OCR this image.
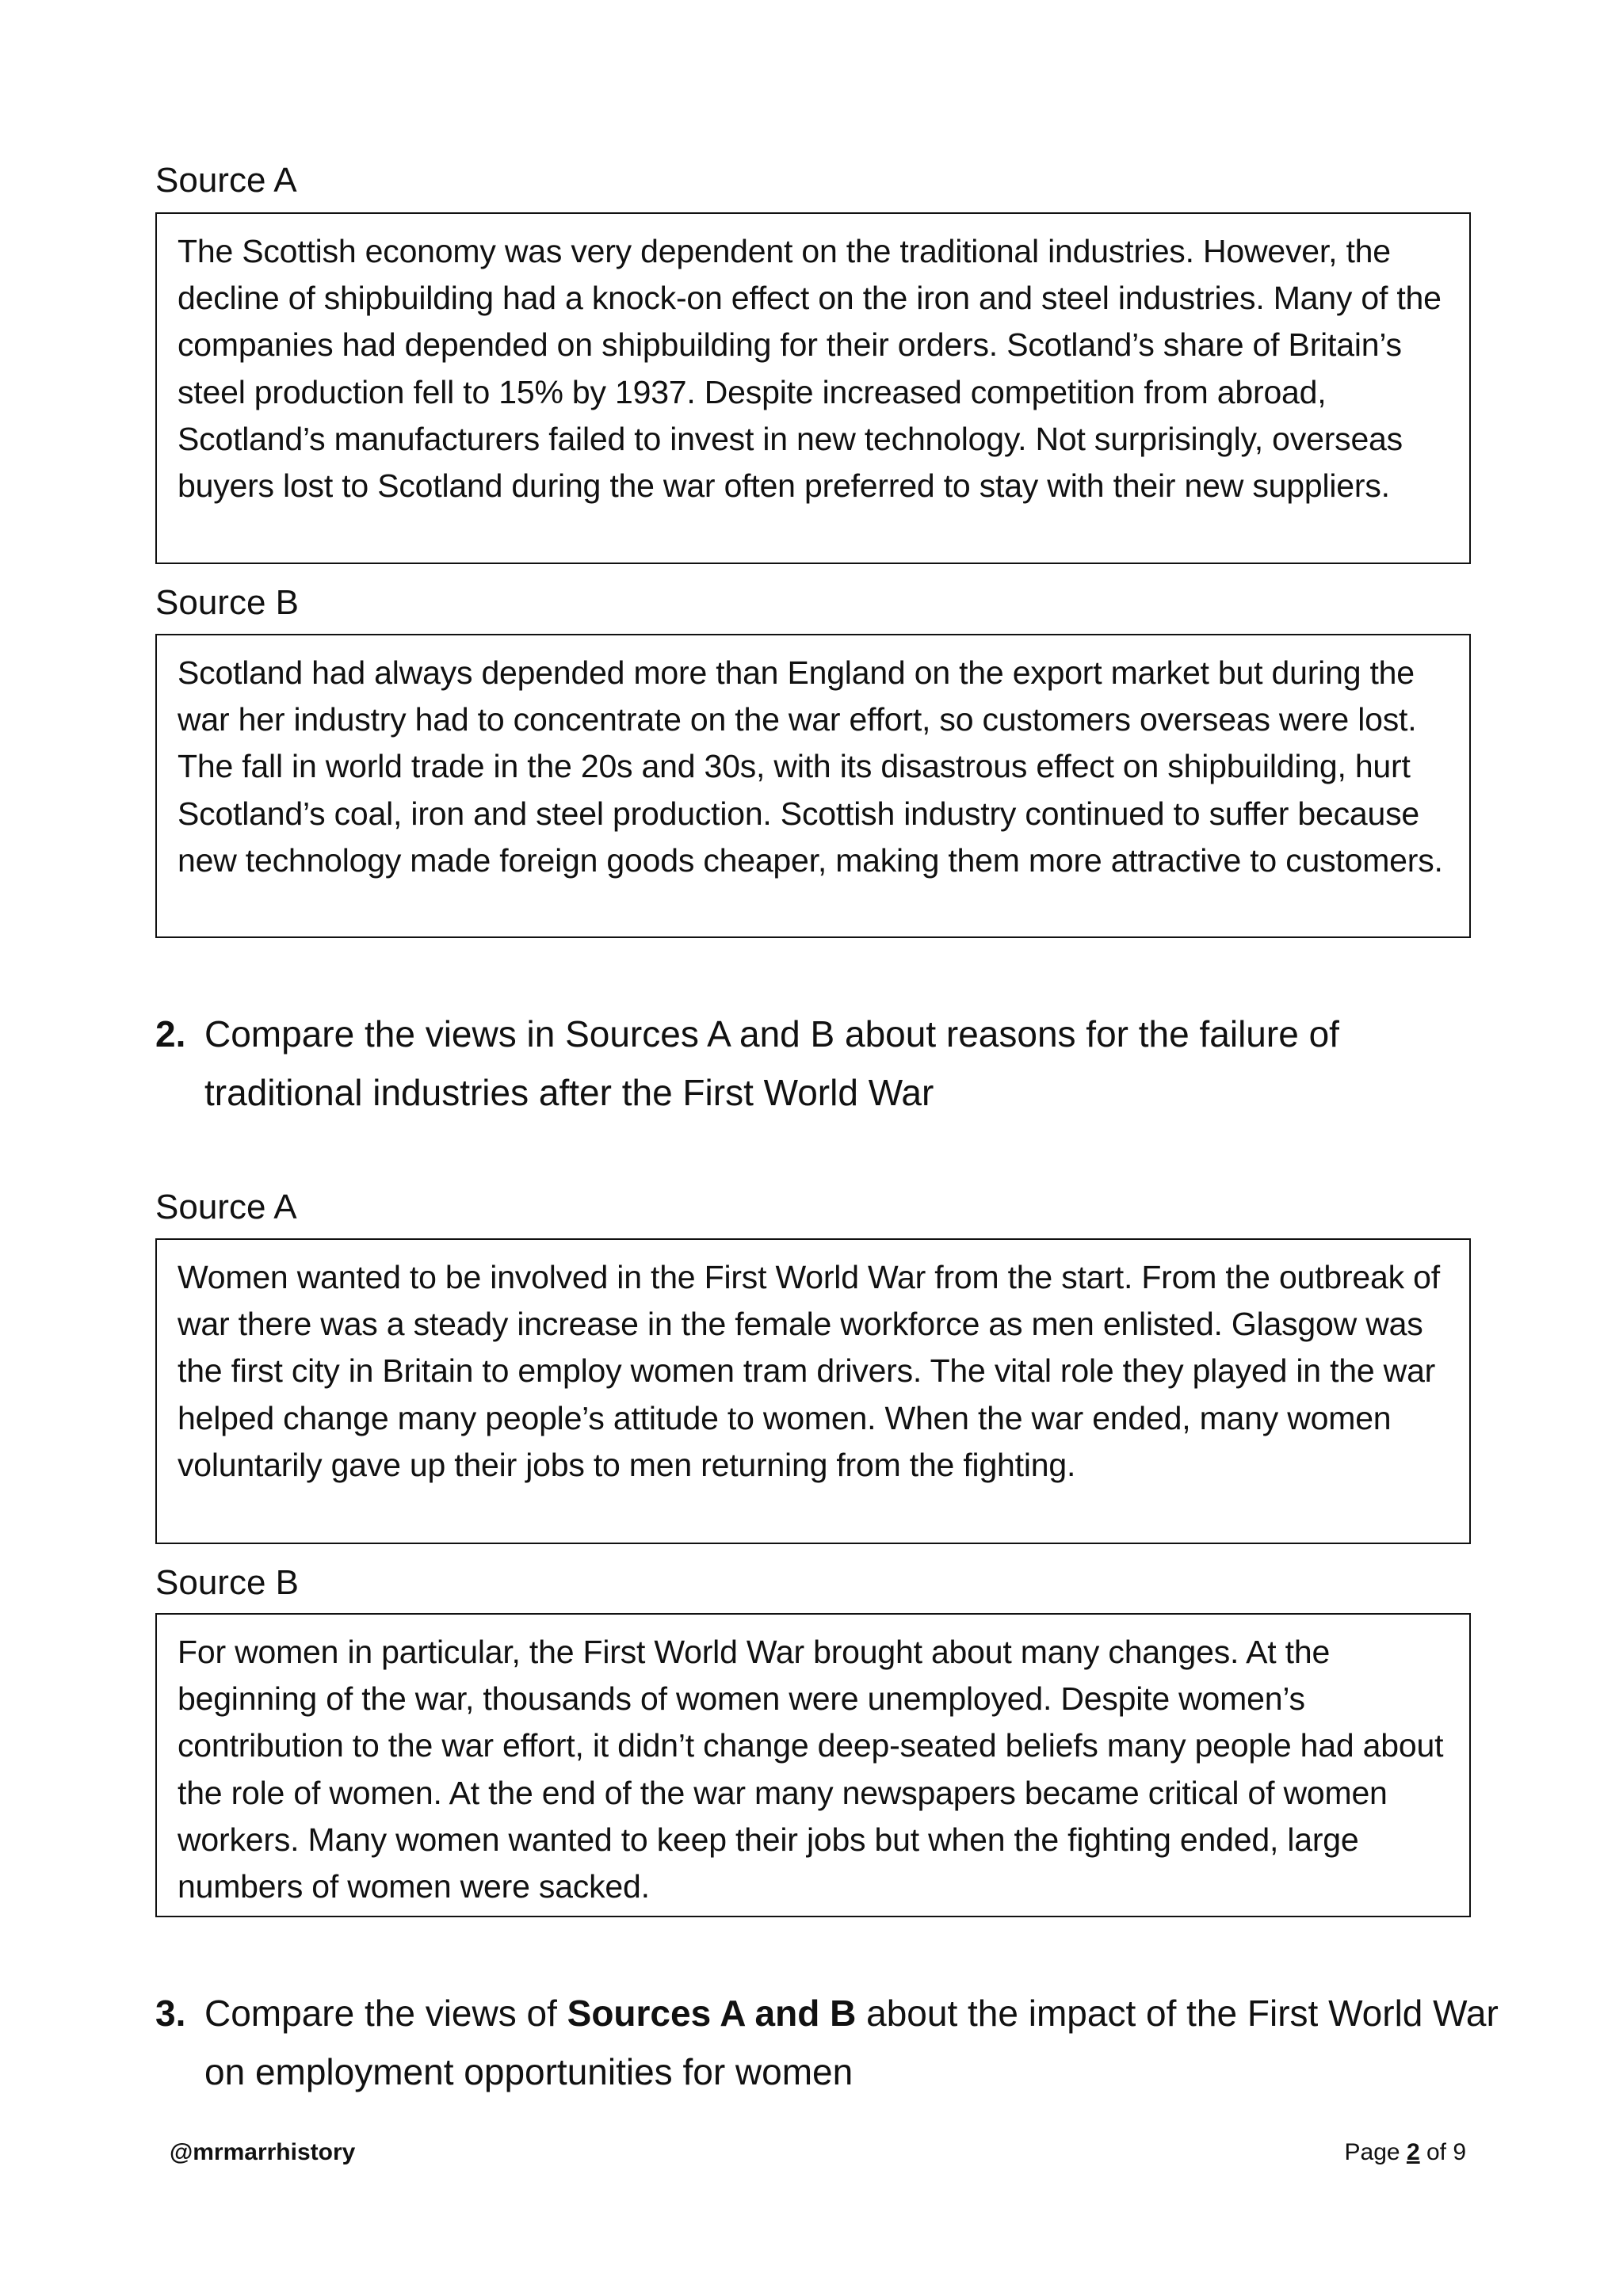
Source A

The Scottish economy was very dependent on the traditional industries. However, the decline of shipbuilding had a knock-on effect on the iron and steel industries. Many of the companies had depended on shipbuilding for their orders. Scotland’s share of Britain’s steel production fell to 15% by 1937. Despite increased competition from abroad, Scotland’s manufacturers failed to invest in new technology. Not surprisingly, overseas buyers lost to Scotland during the war often preferred to stay with their new suppliers.

Source B

Scotland had always depended more than England on the export market but during the war her industry had to concentrate on the war effort, so customers overseas were lost. The fall in world trade in the 20s and 30s, with its disastrous effect on shipbuilding, hurt Scotland’s coal, iron and steel production. Scottish industry continued to suffer because new technology made foreign goods cheaper, making them more attractive to customers.

2. Compare the views in Sources A and B about reasons for the failure of traditional industries after the First World War
Source A

Women wanted to be involved in the First World War from the start. From the outbreak of war there was a steady increase in the female workforce as men enlisted. Glasgow was the first city in Britain to employ women tram drivers. The vital role they played in the war helped change many people’s attitude to women. When the war ended, many women voluntarily gave up their jobs to men returning from the fighting.

Source B

For women in particular, the First World War brought about many changes. At the beginning of the war, thousands of women were unemployed. Despite women’s contribution to the war effort, it didn’t change deep-seated beliefs many people had about the role of women. At the end of the war many newspapers became critical of women workers. Many women wanted to keep their jobs but when the fighting ended, large numbers of women were sacked.

3. Compare the views of Sources A and B about the impact of the First World War on employment opportunities for women
@mrmarrhistory	Page 2 of 9
